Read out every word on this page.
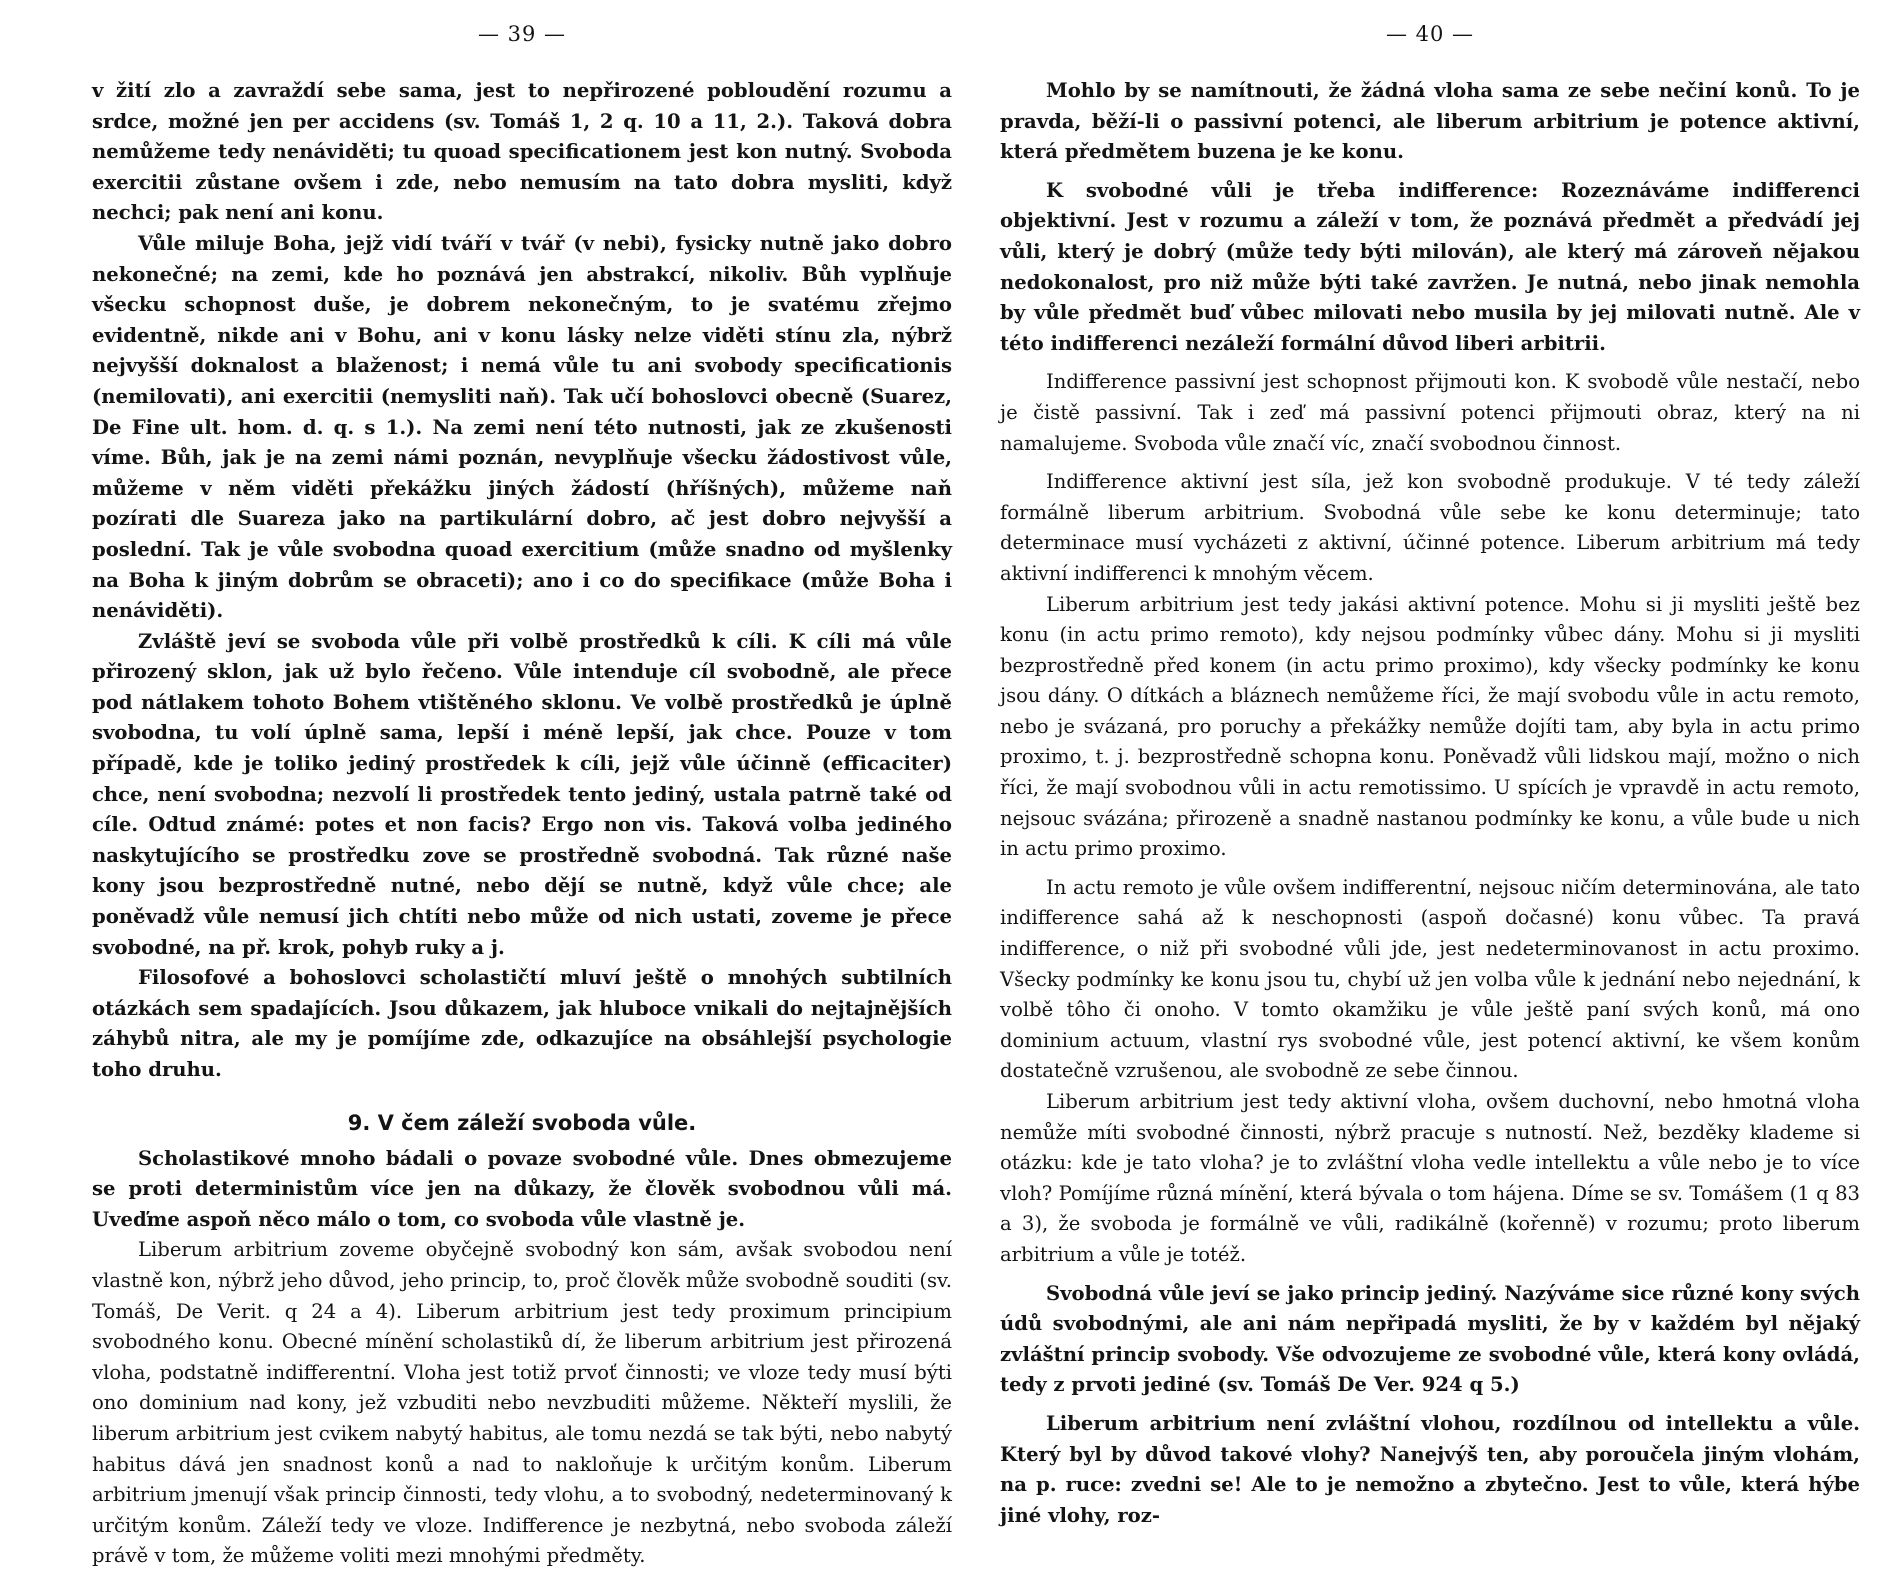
— 39 —

v žití zlo a zavraždí sebe sama, jest to nepřirozené pobloudění rozumu a srdce, možné jen per accidens (sv. Tomáš 1, 2 q. 10 a 11, 2.). Taková dobra nemůžeme tedy nenáviděti; tu quoad specificationem jest kon nutný. Svoboda exercitii zůstane ovšem i zde, nebo nemusím na tato dobra mysliti, když nechci; pak není ani konu.

Vůle miluje Boha, jejž vidí tváří v tvář (v nebi), fysicky nutně jako dobro nekonečné; na zemi, kde ho poznává jen abstrakcí, nikoliv. Bůh vyplňuje všecku schopnost duše, je dobrem nekonečným, to je svatému zřejmo evidentně, nikde ani v Bohu, ani v konu lásky nelze viděti stínu zla, nýbrž nejvyšší doknalost a blaženost; i nemá vůle tu ani svobody specificationis (nemilovati), ani exercitii (nemysliti naň). Tak učí bohoslovci obecně (Suarez, De Fine ult. hom. d. q. s 1.). Na zemi není této nutnosti, jak ze zkušenosti víme. Bůh, jak je na zemi námi poznán, nevyplňuje všecku žádostivost vůle, můžeme v něm viděti překážku jiných žádostí (hříšných), můžeme naň pozírati dle Suareza jako na partikulární dobro, ač jest dobro nejvyšší a poslední. Tak je vůle svobodna quoad exercitium (může snadno od myšlenky na Boha k jiným dobrům se obraceti); ano i co do specifikace (může Boha i nenáviděti).

Zvláště jeví se svoboda vůle při volbě prostředků k cíli. K cíli má vůle přirozený sklon, jak už bylo řečeno. Vůle intenduje cíl svobodně, ale přece pod nátlakem tohoto Bohem vtištěného sklonu. Ve volbě prostředků je úplně svobodna, tu volí úplně sama, lepší i méně lepší, jak chce. Pouze v tom případě, kde je toliko jediný prostředek k cíli, jejž vůle účinně (efficaciter) chce, není svobodna; nezvolí li prostředek tento jediný, ustala patrně také od cíle. Odtud známé: potes et non facis? Ergo non vis. Taková volba jediného naskytujícího se prostředku zove se prostředně svobodná. Tak různé naše kony jsou bezprostředně nutné, nebo dějí se nutně, když vůle chce; ale poněvadž vůle nemusí jich chtíti nebo může od nich ustati, zoveme je přece svobodné, na př. krok, pohyb ruky a j.

Filosofové a bohoslovci scholastičtí mluví ještě o mnohých subtilních otázkách sem spadajících. Jsou důkazem, jak hluboce vnikali do nejtajnějších záhybů nitra, ale my je pomíjíme zde, odkazujíce na obsáhlejší psychologie toho druhu.

9. V čem záleží svoboda vůle.

Scholastikové mnoho bádali o povaze svobodné vůle. Dnes obmezujeme se proti deterministům více jen na důkazy, že člověk svobodnou vůli má. Uveďme aspoň něco málo o tom, co svoboda vůle vlastně je.

Liberum arbitrium zoveme obyčejně svobodný kon sám, avšak svobodou není vlastně kon, nýbrž jeho důvod, jeho princip, to, proč člověk může svobodně souditi (sv. Tomáš, De Verit. q 24 a 4). Liberum arbitrium jest tedy proximum principium svobodného konu. Obecné mínění scholastiků dí, že liberum arbitrium jest přirozená vloha, podstatně indifferentní. Vloha jest totiž prvoť činnosti; ve vloze tedy musí býti ono dominium nad kony, jež vzbuditi nebo nevzbuditi můžeme. Někteří myslili, že liberum arbitrium jest cvikem nabytý habitus, ale tomu nezdá se tak býti, nebo nabytý habitus dává jen snadnost konů a nad to nakloňuje k určitým konům. Liberum arbitrium jmenují však princip činnosti, tedy vlohu, a to svobodný, nedeterminovaný k určitým konům. Záleží tedy ve vloze. Indifference je nezbytná, nebo svoboda záleží právě v tom, že můžeme voliti mezi mnohými předměty.

— 40 —

Mohlo by se namítnouti, že žádná vloha sama ze sebe nečiní konů. To je pravda, běží-li o passivní potenci, ale liberum arbitrium je potence aktivní, která předmětem buzena je ke konu.

K svobodné vůli je třeba indifference: Rozeznáváme indifferenci objektivní. Jest v rozumu a záleží v tom, že poznává předmět a předvádí jej vůli, který je dobrý (může tedy býti milován), ale který má zároveň nějakou nedokonalost, pro niž může býti také zavržen. Je nutná, nebo jinak nemohla by vůle předmět buď vůbec milovati nebo musila by jej milovati nutně. Ale v této indifferenci nezáleží formální důvod liberi arbitrii.

Indifference passivní jest schopnost přijmouti kon. K svobodě vůle nestačí, nebo je čistě passivní. Tak i zeď má passivní potenci přijmouti obraz, který na ni namalujeme. Svoboda vůle značí víc, značí svobodnou činnost.

Indifference aktivní jest síla, jež kon svobodně produkuje. V té tedy záleží formálně liberum arbitrium. Svobodná vůle sebe ke konu determinuje; tato determinace musí vycházeti z aktivní, účinné potence. Liberum arbitrium má tedy aktivní indifferenci k mnohým věcem.

Liberum arbitrium jest tedy jakási aktivní potence. Mohu si ji mysliti ještě bez konu (in actu primo remoto), kdy nejsou podmínky vůbec dány. Mohu si ji mysliti bezprostředně před konem (in actu primo proximo), kdy všecky podmínky ke konu jsou dány. O dítkách a bláznech nemůžeme říci, že mají svobodu vůle in actu remoto, nebo je svázaná, pro poruchy a překážky nemůže dojíti tam, aby byla in actu primo proximo, t. j. bezprostředně schopna konu. Poněvadž vůli lidskou mají, možno o nich říci, že mají svobodnou vůli in actu remotissimo. U spících je vpravdě in actu remoto, nejsouc svázána; přirozeně a snadně nastanou podmínky ke konu, a vůle bude u nich in actu primo proximo.

In actu remoto je vůle ovšem indifferentní, nejsouc ničím determinována, ale tato indifference sahá až k neschopnosti (aspoň dočasné) konu vůbec. Ta pravá indifference, o niž při svobodné vůli jde, jest nedeterminovanost in actu proximo. Všecky podmínky ke konu jsou tu, chybí už jen volba vůle k jednání nebo nejednání, k volbě tôho či onoho. V tomto okamžiku je vůle ještě paní svých konů, má ono dominium actuum, vlastní rys svobodné vůle, jest potencí aktivní, ke všem konům dostatečně vzrušenou, ale svobodně ze sebe činnou.

Liberum arbitrium jest tedy aktivní vloha, ovšem duchovní, nebo hmotná vloha nemůže míti svobodné činnosti, nýbrž pracuje s nutností. Než, bezděky klademe si otázku: kde je tato vloha? je to zvláštní vloha vedle intellektu a vůle nebo je to více vloh? Pomíjíme různá mínění, která bývala o tom hájena. Díme se sv. Tomášem (1 q 83 a 3), že svoboda je formálně ve vůli, radikálně (kořenně) v rozumu; proto liberum arbitrium a vůle je totéž.

Svobodná vůle jeví se jako princip jediný. Nazýváme sice různé kony svých údů svobodnými, ale ani nám nepřipadá mysliti, že by v každém byl nějaký zvláštní princip svobody. Vše odvozujeme ze svobodné vůle, která kony ovládá, tedy z prvoti jediné (sv. Tomáš De Ver. 924 q 5.)

Liberum arbitrium není zvláštní vlohou, rozdílnou od intellektu a vůle. Který byl by důvod takové vlohy? Nanejvýš ten, aby poroučela jiným vlohám, na p. ruce: zvedni se! Ale to je nemožno a zbytečno. Jest to vůle, která hýbe jiné vlohy, roz-
